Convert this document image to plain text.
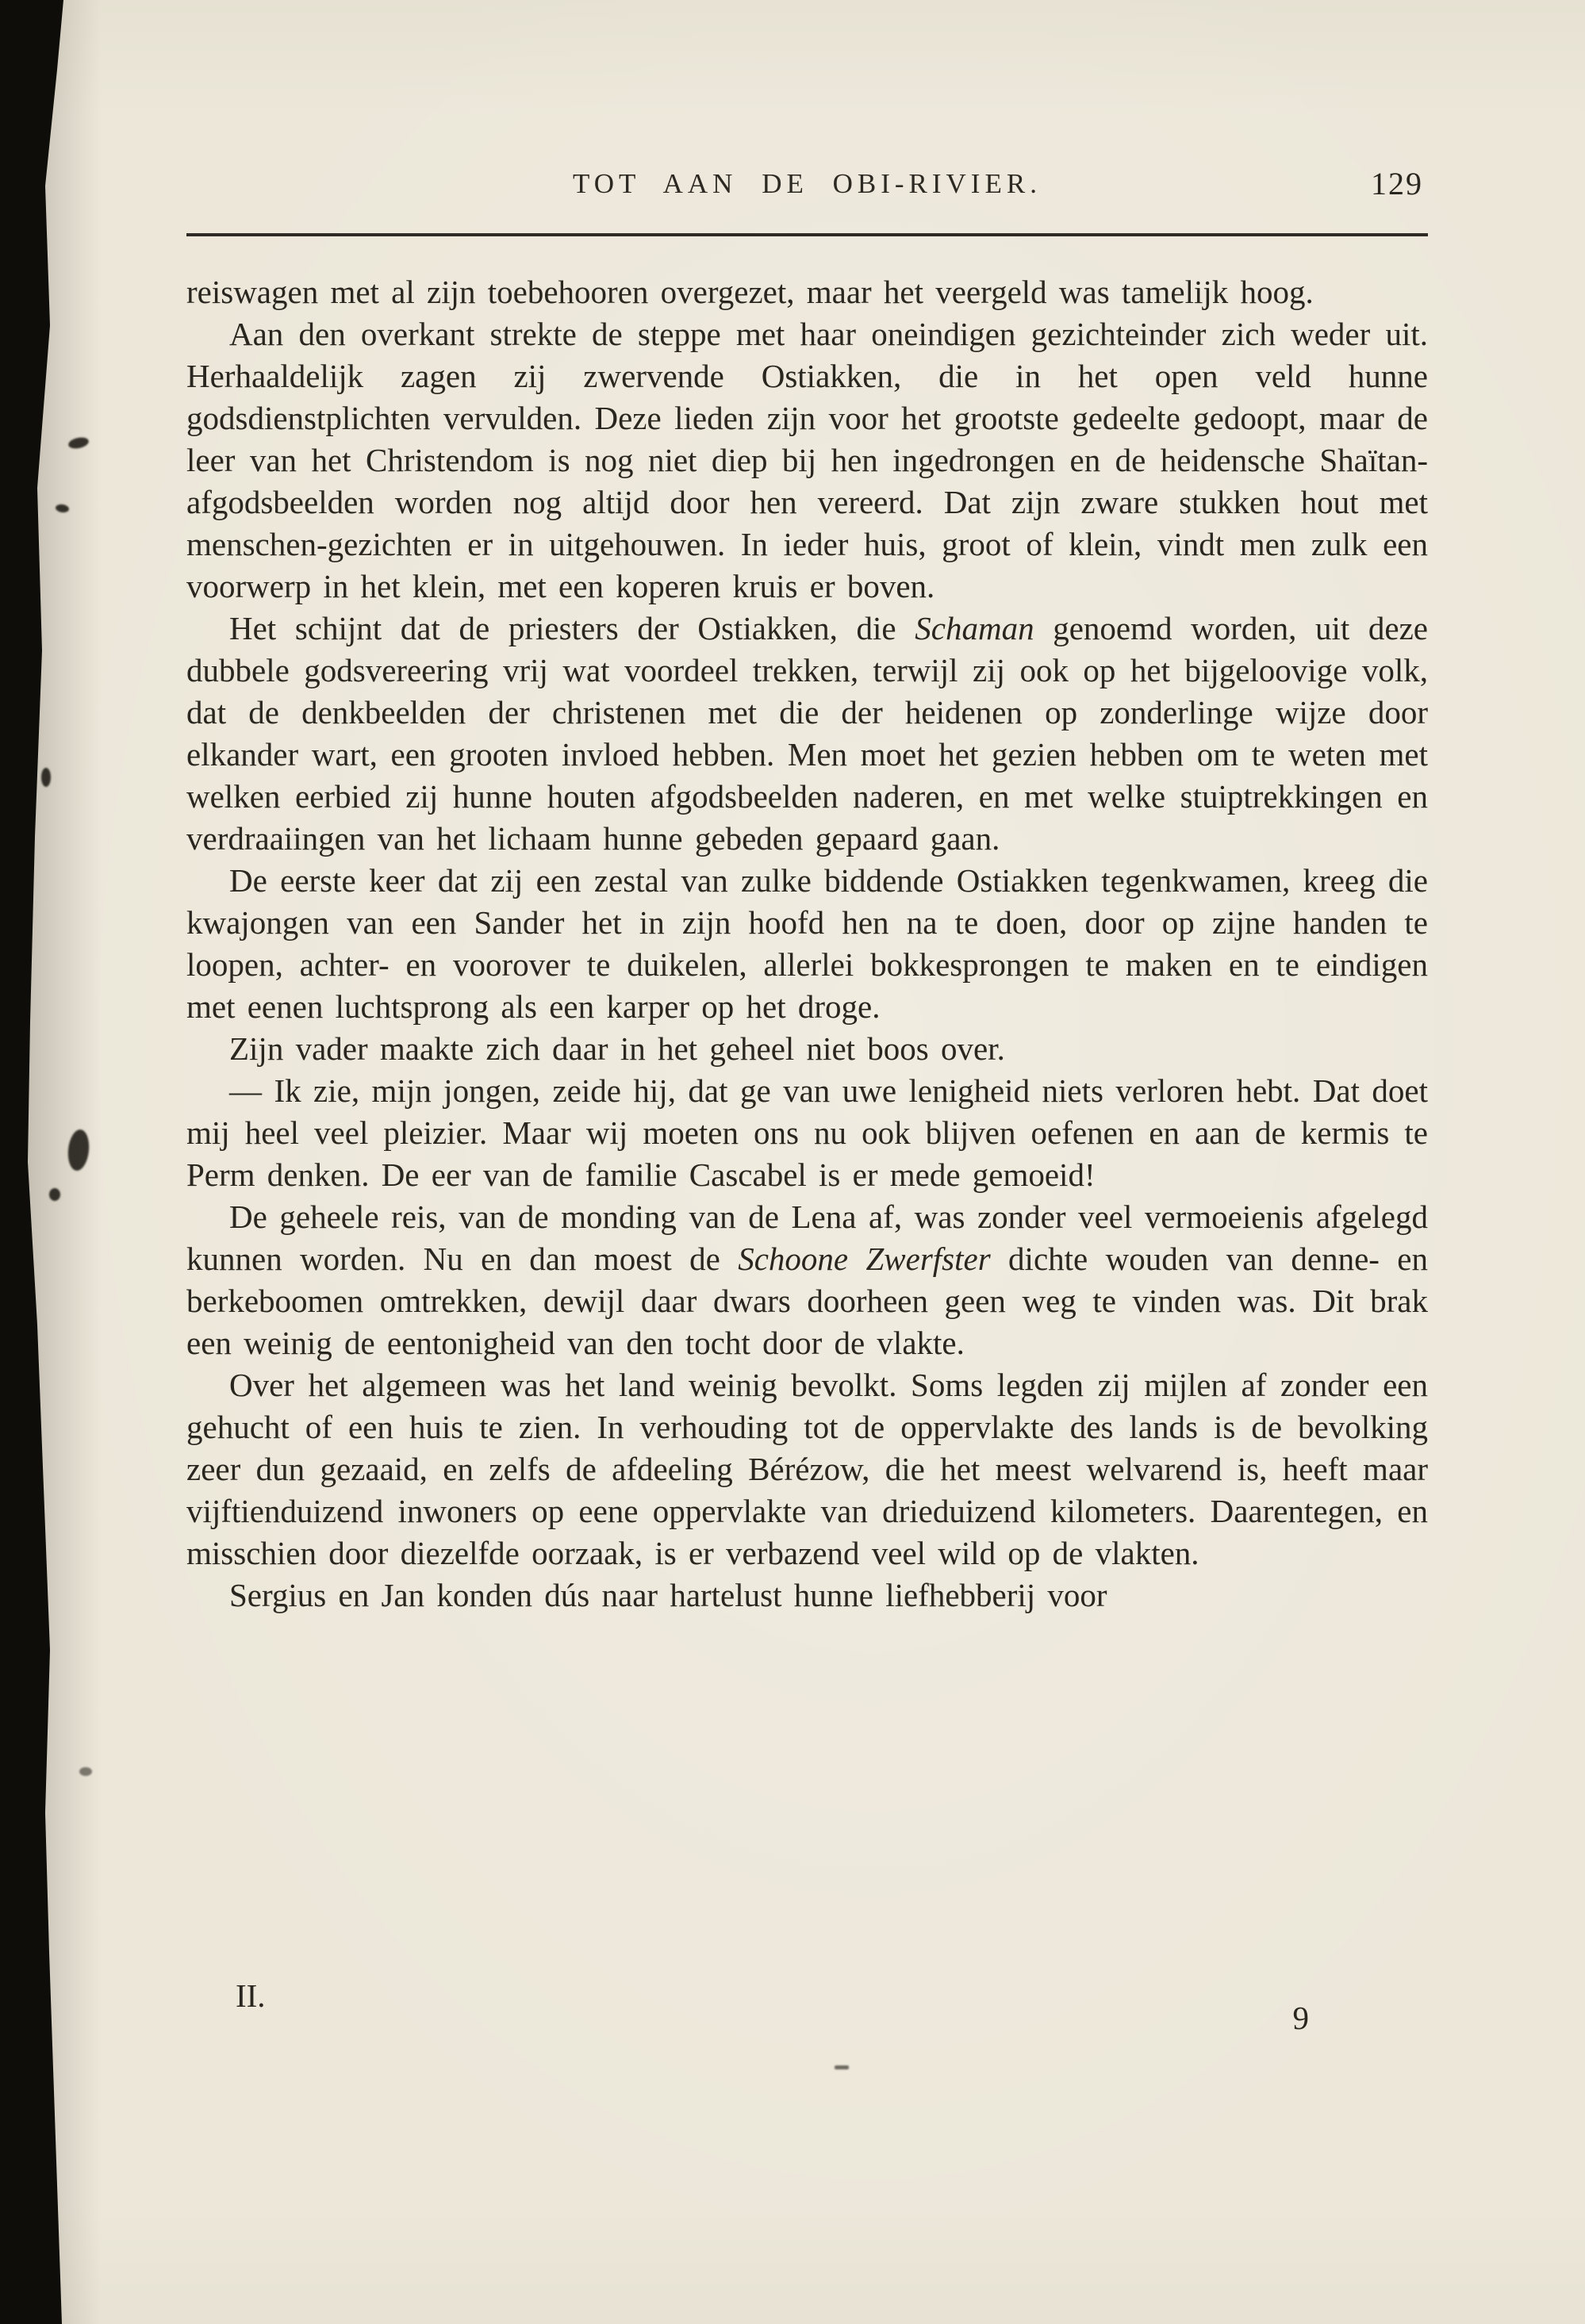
TOT AAN DE OBI-RIVIER.	129

reiswagen met al zijn toebehooren overgezet, maar het veergeld was tamelijk hoog.

Aan den overkant strekte de steppe met haar oneindigen gezichteinder zich weder uit. Herhaaldelijk zagen zij zwervende Ostiakken, die in het open veld hunne godsdienstplichten vervulden. Deze lieden zijn voor het grootste gedeelte gedoopt, maar de leer van het Christendom is nog niet diep bij hen ingedrongen en de heidensche Shaïtan-afgodsbeelden worden nog altijd door hen vereerd. Dat zijn zware stukken hout met menschen-gezichten er in uitgehouwen. In ieder huis, groot of klein, vindt men zulk een voorwerp in het klein, met een koperen kruis er boven.

Het schijnt dat de priesters der Ostiakken, die Schaman genoemd worden, uit deze dubbele godsvereering vrij wat voordeel trekken, terwijl zij ook op het bijgeloovige volk, dat de denkbeelden der christenen met die der heidenen op zonderlinge wijze door elkander wart, een grooten invloed hebben. Men moet het gezien hebben om te weten met welken eerbied zij hunne houten afgodsbeelden naderen, en met welke stuiptrekkingen en verdraaiingen van het lichaam hunne gebeden gepaard gaan.

De eerste keer dat zij een zestal van zulke biddende Ostiakken tegenkwamen, kreeg die kwajongen van een Sander het in zijn hoofd hen na te doen, door op zijne handen te loopen, achter- en voorover te duikelen, allerlei bokkesprongen te maken en te eindigen met eenen luchtsprong als een karper op het droge.

Zijn vader maakte zich daar in het geheel niet boos over.

— Ik zie, mijn jongen, zeide hij, dat ge van uwe lenigheid niets verloren hebt. Dat doet mij heel veel pleizier. Maar wij moeten ons nu ook blijven oefenen en aan de kermis te Perm denken. De eer van de familie Cascabel is er mede gemoeid!

De geheele reis, van de monding van de Lena af, was zonder veel vermoeienis afgelegd kunnen worden. Nu en dan moest de Schoone Zwerfster dichte wouden van denne- en berkeboomen omtrekken, dewijl daar dwars doorheen geen weg te vinden was. Dit brak een weinig de eentonigheid van den tocht door de vlakte.

Over het algemeen was het land weinig bevolkt. Soms legden zij mijlen af zonder een gehucht of een huis te zien. In verhouding tot de oppervlakte des lands is de bevolking zeer dun gezaaid, en zelfs de afdeeling Bérézow, die het meest welvarend is, heeft maar vijftienduizend inwoners op eene oppervlakte van drieduizend kilometers. Daarentegen, en misschien door diezelfde oorzaak, is er verbazend veel wild op de vlakten.

Sergius en Jan konden dús naar hartelust hunne liefhebberij voor

II.
9
